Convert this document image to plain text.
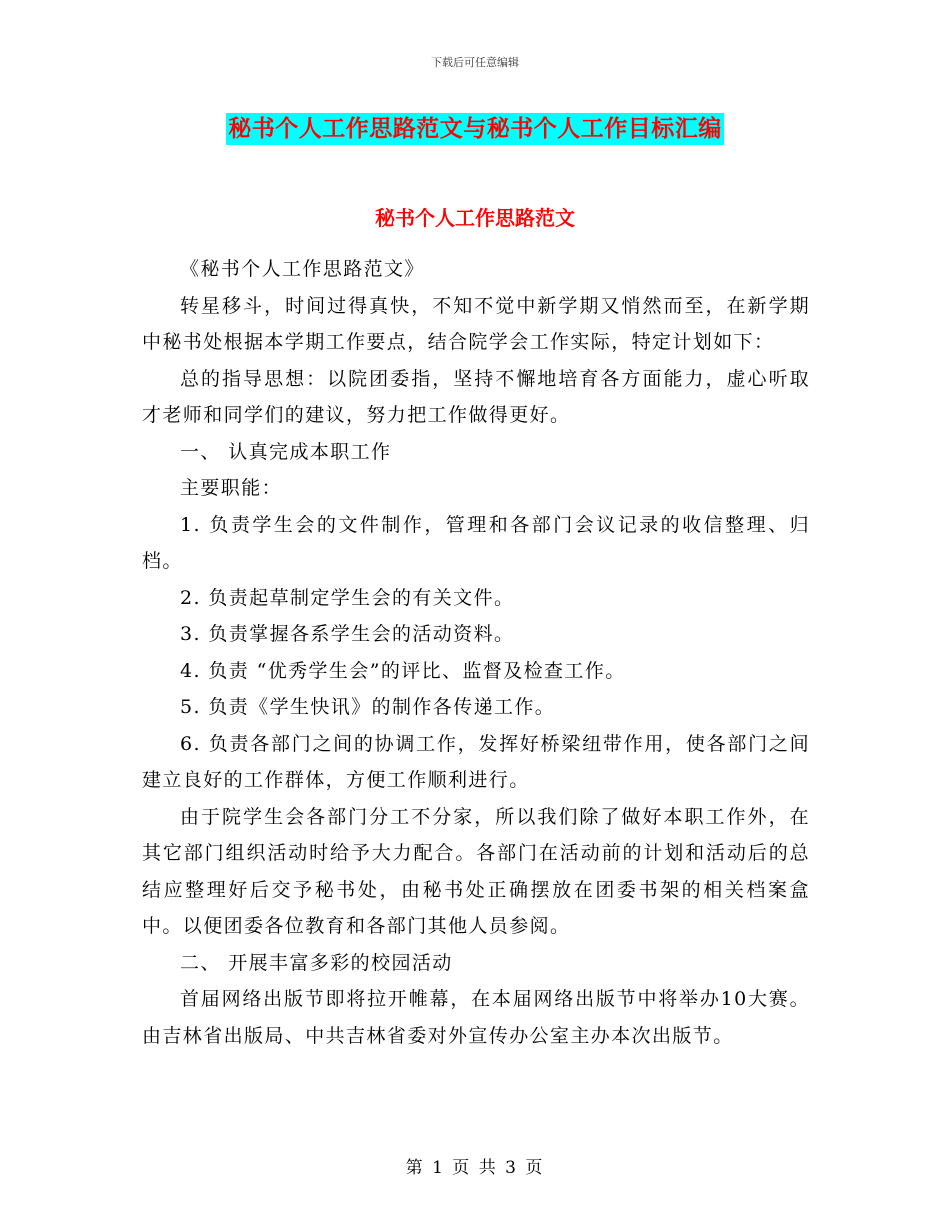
下载后可任意编辑
秘书个人工作思路范文与秘书个人工作目标汇编
秘书个人工作思路范文

《秘书个人工作思路范文》

转星移斗，时间过得真快，不知不觉中新学期又悄然而至，在新学期中秘书处根据本学期工作要点，结合院学会工作实际，特定计划如下：

总的指导思想：以院团委指，坚持不懈地培育各方面能力，虚心听取才老师和同学们的建议，努力把工作做得更好。

一、 认真完成本职工作

主要职能：

1. 负责学生会的文件制作，管理和各部门会议记录的收信整理、归档。

2. 负责起草制定学生会的有关文件。

3. 负责掌握各系学生会的活动资料。

4. 负责 “优秀学生会”的评比、监督及检查工作。

5. 负责《学生快讯》的制作各传递工作。

6. 负责各部门之间的协调工作，发挥好桥梁纽带作用，使各部门之间建立良好的工作群体，方便工作顺利进行。

由于院学生会各部门分工不分家，所以我们除了做好本职工作外，在其它部门组织活动时给予大力配合。各部门在活动前的计划和活动后的总结应整理好后交予秘书处，由秘书处正确摆放在团委书架的相关档案盒中。以便团委各位教育和各部门其他人员参阅。

二、 开展丰富多彩的校园活动

首届网络出版节即将拉开帷幕，在本届网络出版节中将举办10大赛。由吉林省出版局、中共吉林省委对外宣传办公室主办本次出版节。

第 1 页 共 3 页
